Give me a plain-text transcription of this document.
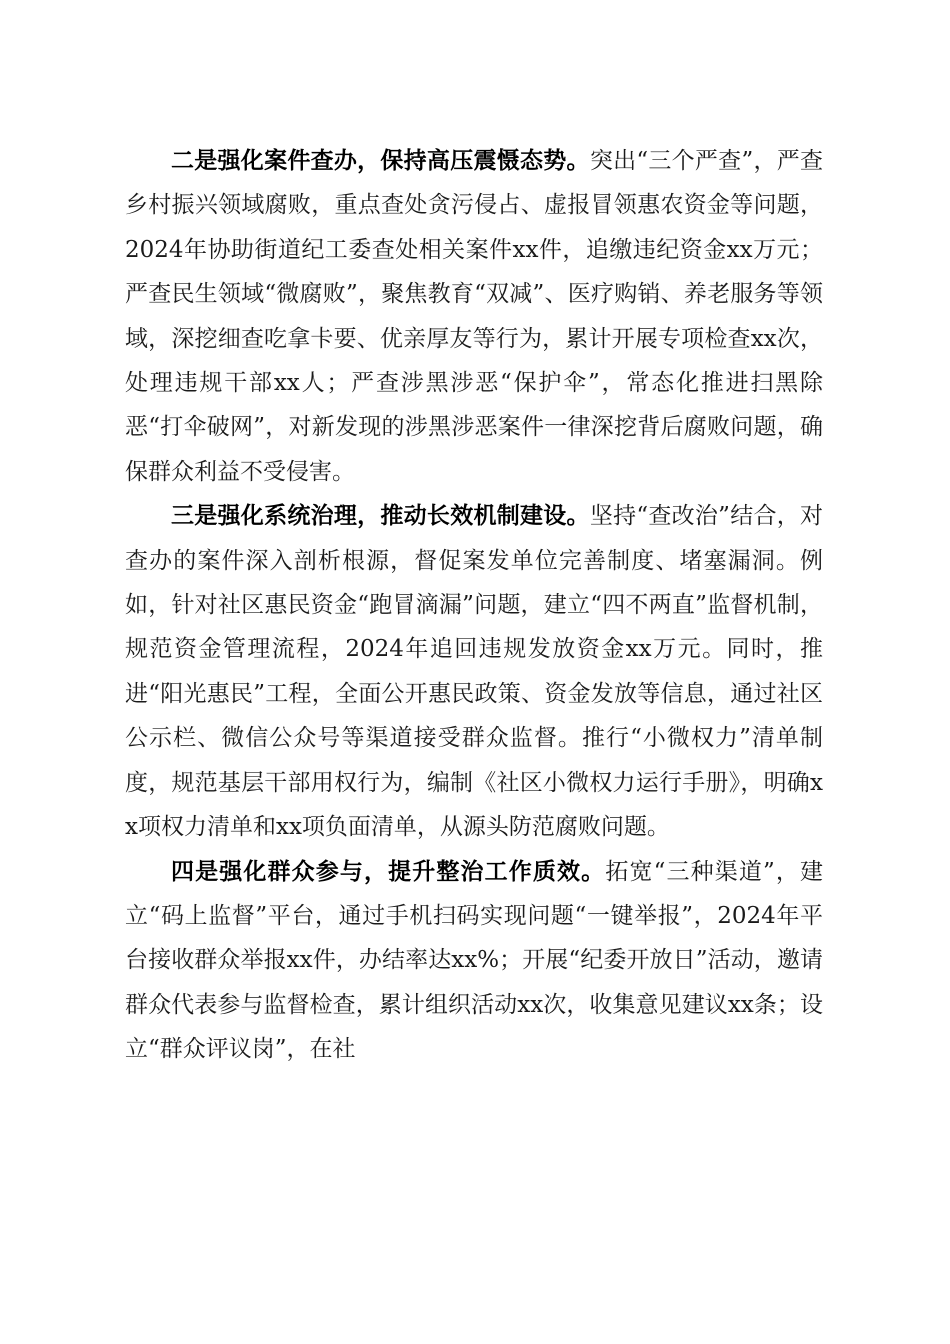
二是强化案件查办，保持高压震慑态势。突出“三个严查”，严查乡村振兴领域腐败，重点查处贪污侵占、虚报冒领惠农资金等问题，2024年协助街道纪工委查处相关案件xx件，追缴违纪资金xx万元；严查民生领域“微腐败”，聚焦教育“双减”、医疗购销、养老服务等领域，深挖细查吃拿卡要、优亲厚友等行为，累计开展专项检查xx次，处理违规干部xx人；严查涉黑涉恶“保护伞”，常态化推进扫黑除恶“打伞破网”，对新发现的涉黑涉恶案件一律深挖背后腐败问题，确保群众利益不受侵害。

三是强化系统治理，推动长效机制建设。坚持“查改治”结合，对查办的案件深入剖析根源，督促案发单位完善制度、堵塞漏洞。例如，针对社区惠民资金“跑冒滴漏”问题，建立“四不两直”监督机制，规范资金管理流程，2024年追回违规发放资金xx万元。同时，推进“阳光惠民”工程，全面公开惠民政策、资金发放等信息，通过社区公示栏、微信公众号等渠道接受群众监督。推行“小微权力”清单制度，规范基层干部用权行为，编制《社区小微权力运行手册》，明确xx项权力清单和xx项负面清单，从源头防范腐败问题。

四是强化群众参与，提升整治工作质效。拓宽“三种渠道”，建立“码上监督”平台，通过手机扫码实现问题“一键举报”，2024年平台接收群众举报xx件，办结率达xx%；开展“纪委开放日”活动，邀请群众代表参与监督检查，累计组织活动xx次，收集意见建议xx条；设立“群众评议岗”，在社
